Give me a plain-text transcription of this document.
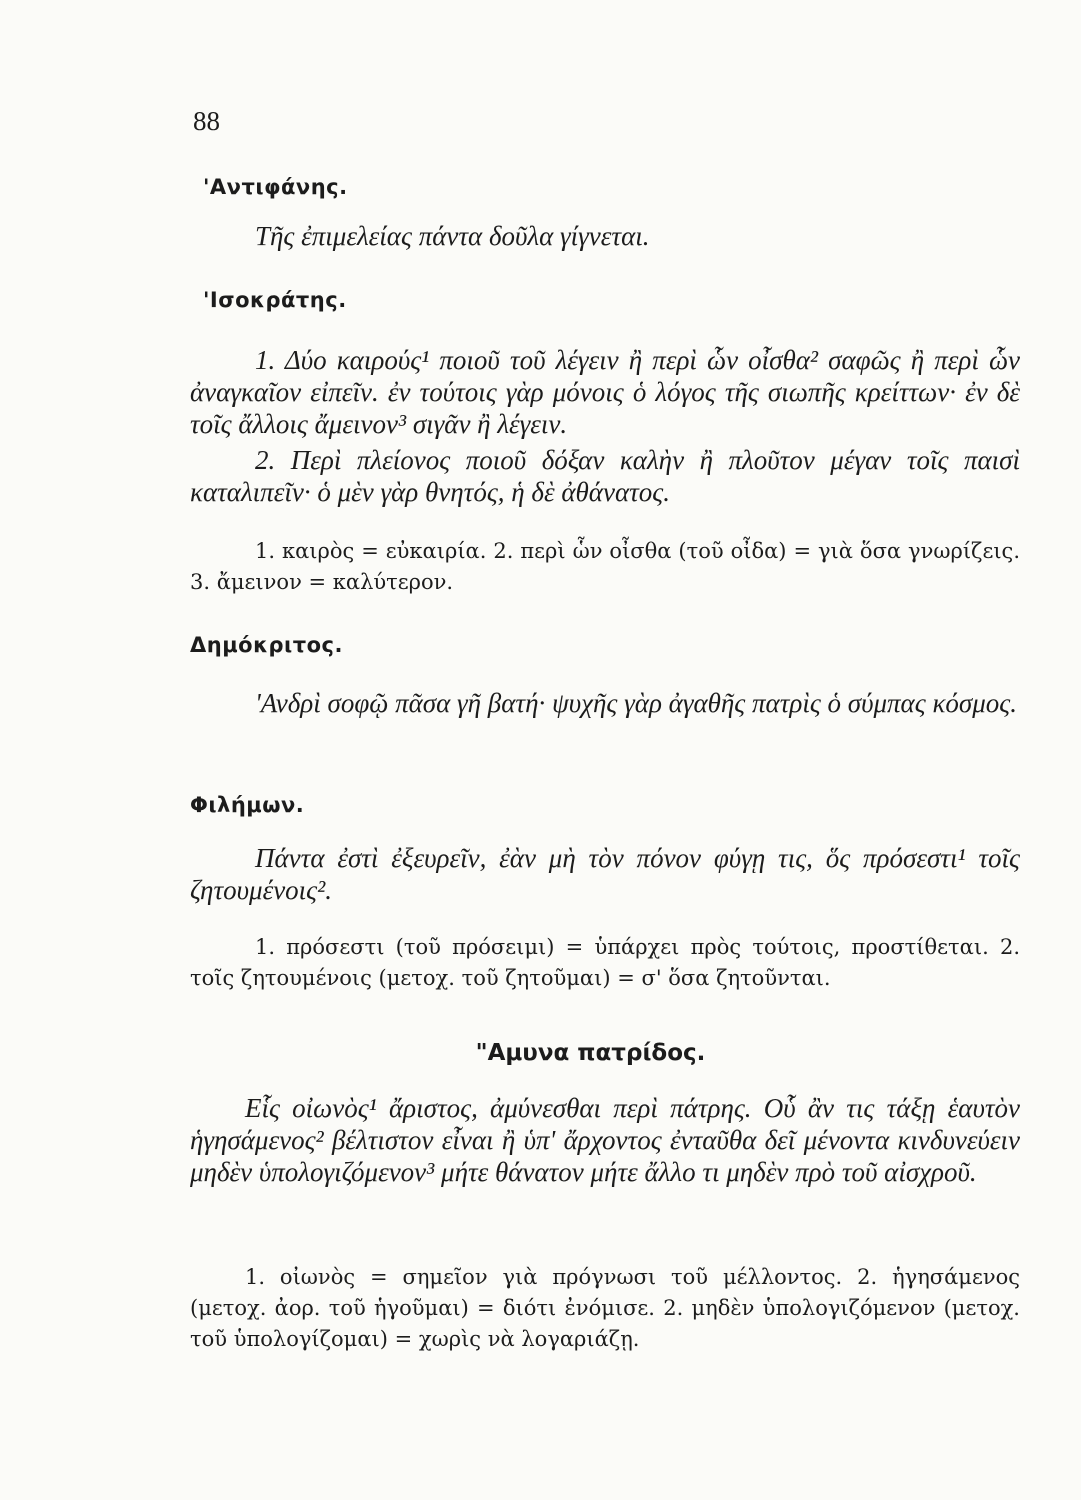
88
'Αντιφάνης.
Τῆς ἐπιμελείας πάντα δοῦλα γίγνεται.
'Ισοκράτης.
1. Δύο καιρούς¹ ποιοῦ τοῦ λέγειν ἢ περὶ ὧν οἶσθα² σαφῶς ἢ περὶ ὧν ἀναγκαῖον εἰπεῖν. ἐν τούτοις γὰρ μόνοις ὁ λόγος τῆς σιωπῆς κρείττων· ἐν δὲ τοῖς ἄλλοις ἄμεινον³ σιγᾶν ἢ λέγειν.
2. Περὶ πλείονος ποιοῦ δόξαν καλὴν ἢ πλοῦτον μέγαν τοῖς παισὶ καταλιπεῖν· ὁ μὲν γὰρ θνητός, ἡ δὲ ἀθάνατος.
1. καιρὸς = εὐκαιρία. 2. περὶ ὧν οἶσθα (τοῦ οἶδα) = γιὰ ὅσα γνωρίζεις. 3. ἄμεινον = καλύτερον.
Δημόκριτος.
'Ανδρὶ σοφῷ πᾶσα γῆ βατή· ψυχῆς γὰρ ἀγαθῆς πατρὶς ὁ σύμπας κόσμος.
Φιλήμων.
Πάντα ἐστὶ ἐξευρεῖν, ἐὰν μὴ τὸν πόνον φύγῃ τις, ὅς πρόσεστι¹ τοῖς ζητουμένοις².
1. πρόσεστι (τοῦ πρόσειμι) = ὑπάρχει πρὸς τούτοις, προστίθεται. 2. τοῖς ζητουμένοις (μετοχ. τοῦ ζητοῦμαι) = σ' ὅσα ζητοῦνται.
"Αμυνα πατρίδος.
Εἷς οἰωνὸς¹ ἄριστος, ἀμύνεσθαι περὶ πάτρης. Οὗ ἂν τις τάξῃ ἑαυτὸν ἡγησάμενος² βέλτιστον εἶναι ἢ ὑπ' ἄρχοντος ἐνταῦθα δεῖ μένοντα κινδυνεύειν μηδὲν ὑπολογιζόμενον³ μήτε θάνατον μήτε ἄλλο τι μηδὲν πρὸ τοῦ αἰσχροῦ.
1. οἰωνὸς = σημεῖον γιὰ πρόγνωσι τοῦ μέλλοντος. 2. ἡγησάμενος (μετοχ. ἀορ. τοῦ ἡγοῦμαι) = διότι ἐνόμισε. 2. μηδὲν ὑπολογιζόμενον (μετοχ. τοῦ ὑπολογίζομαι) = χωρὶς νὰ λογαριάζῃ.
